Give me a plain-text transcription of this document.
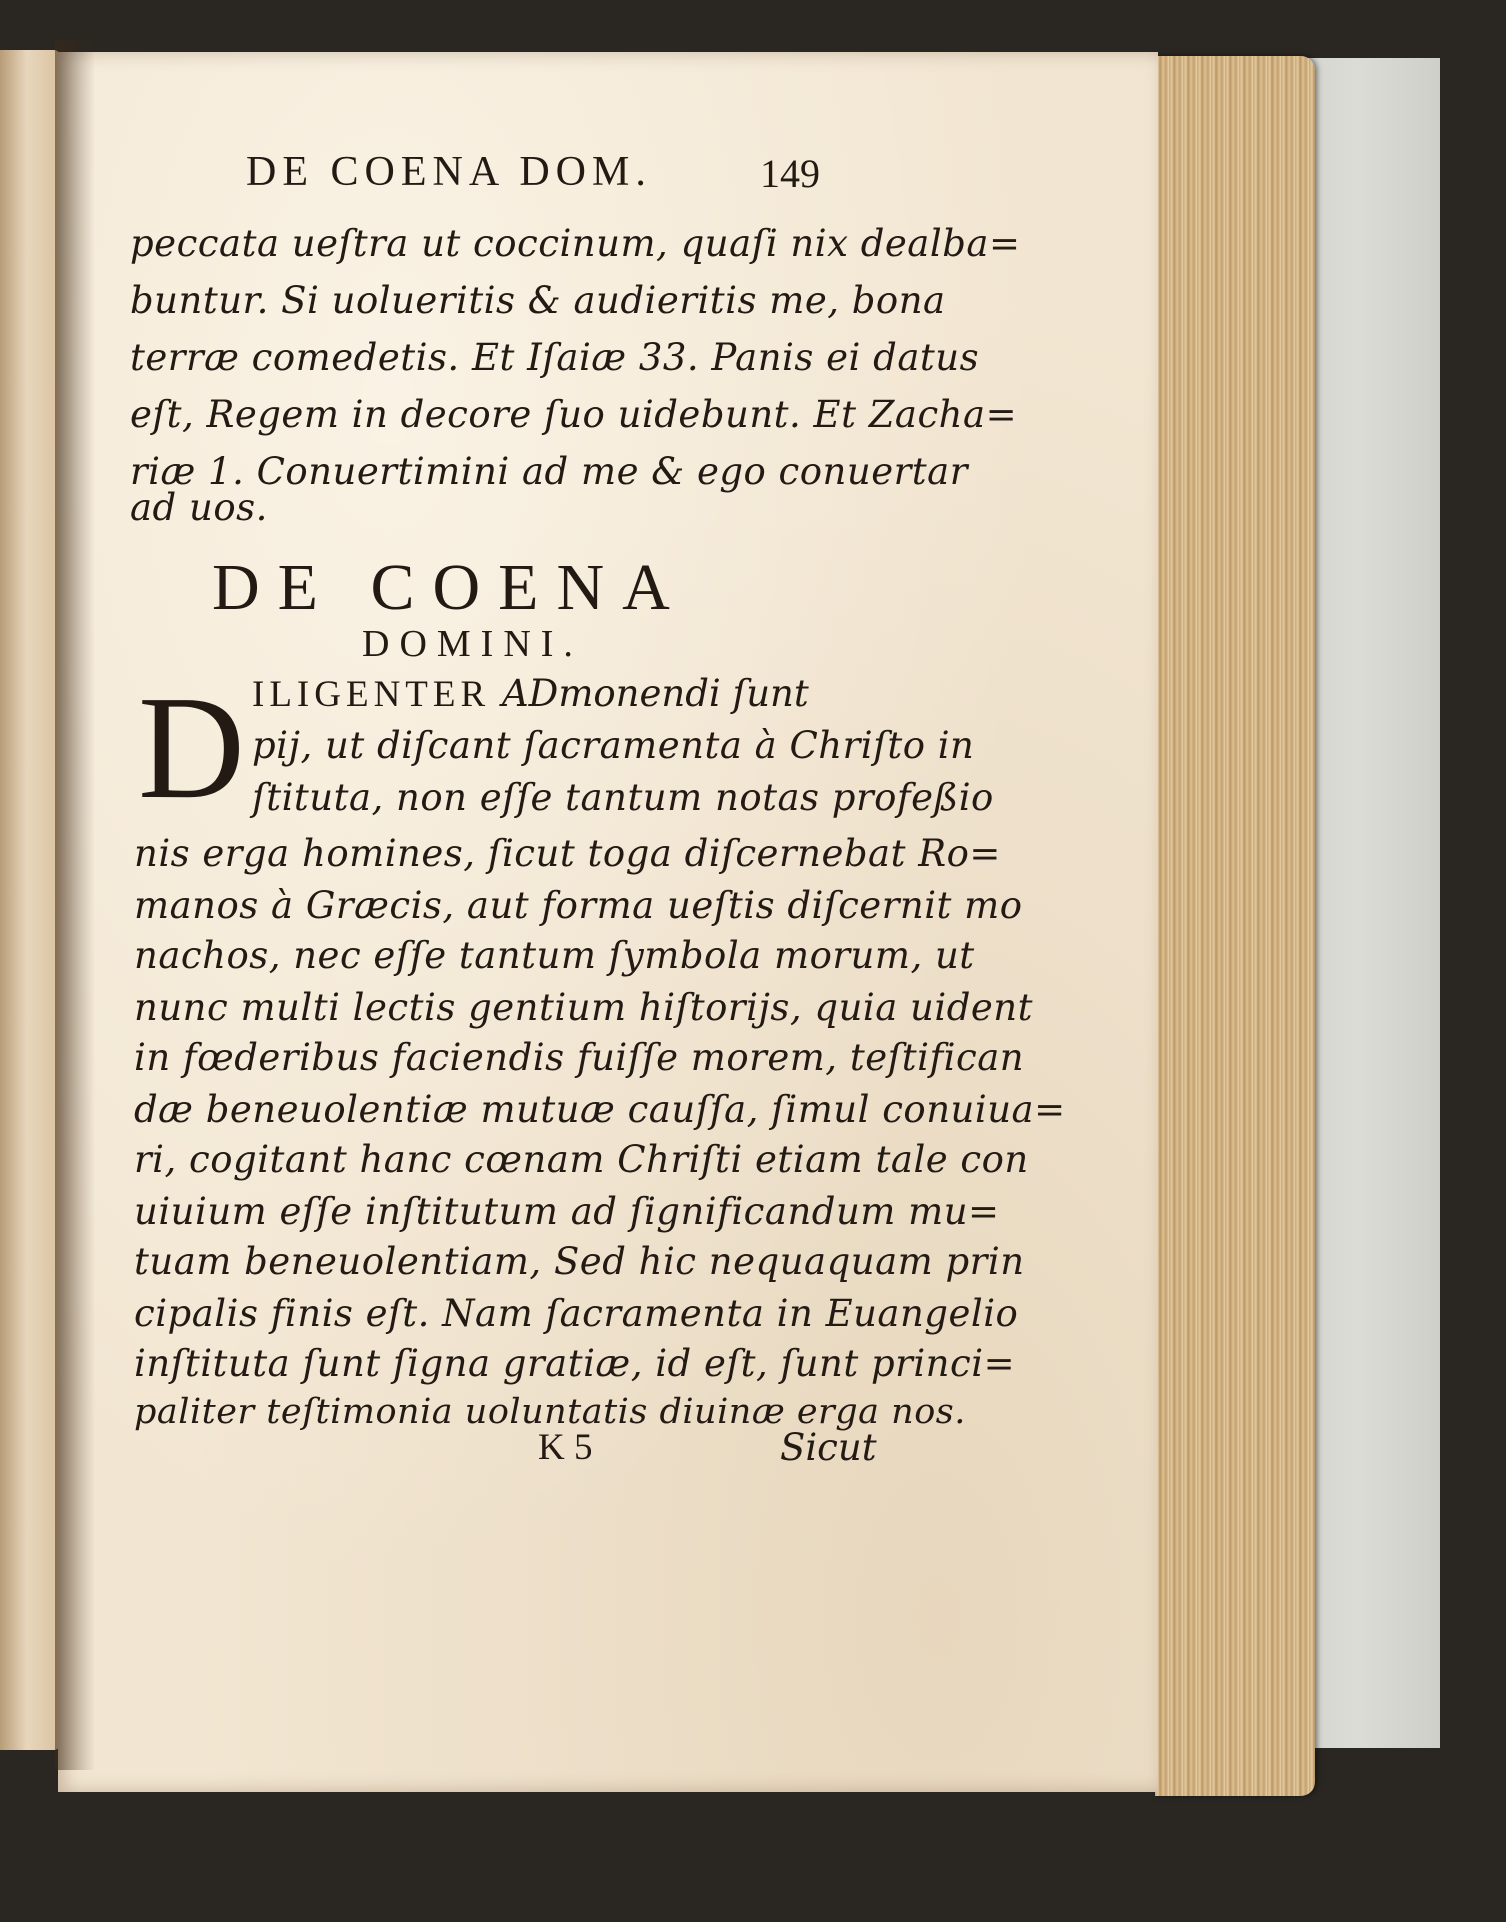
DE COENA DOM.	149
peccata ueſtra ut coccinum, quaſi nix dealba=
buntur. Si uolueritis & audieritis me, bona
terræ comedetis. Et Iſaiæ 33. Panis ei datus
eſt, Regem in decore ſuo uidebunt. Et Zacha=
riæ 1. Conuertimini ad me & ego conuertar
ad uos.
DE COENA
DOMINI.
D ILIGENTER ADmonendi ſunt
pij, ut diſcant ſacramenta à Chriſto in
ſtituta, non eſſe tantum notas profeßio
nis erga homines, ſicut toga diſcernebat Ro=
manos à Græcis, aut forma ueſtis diſcernit mo
nachos, nec eſſe tantum ſymbola morum, ut
nunc multi lectis gentium hiſtorijs, quia uident
in fœderibus faciendis fuiſſe morem, teſtifican
dæ beneuolentiæ mutuæ cauſſa, ſimul conuiua=
ri, cogitant hanc cœnam Chriſti etiam tale con
uiuium eſſe inſtitutum ad ſignificandum mu=
tuam beneuolentiam, Sed hic nequaquam prin
cipalis finis eſt. Nam ſacramenta in Euangelio
inſtituta ſunt ſigna gratiæ, id eſt, ſunt princi=
paliter teſtimonia uoluntatis diuinæ erga nos.
K 5	Sicut
